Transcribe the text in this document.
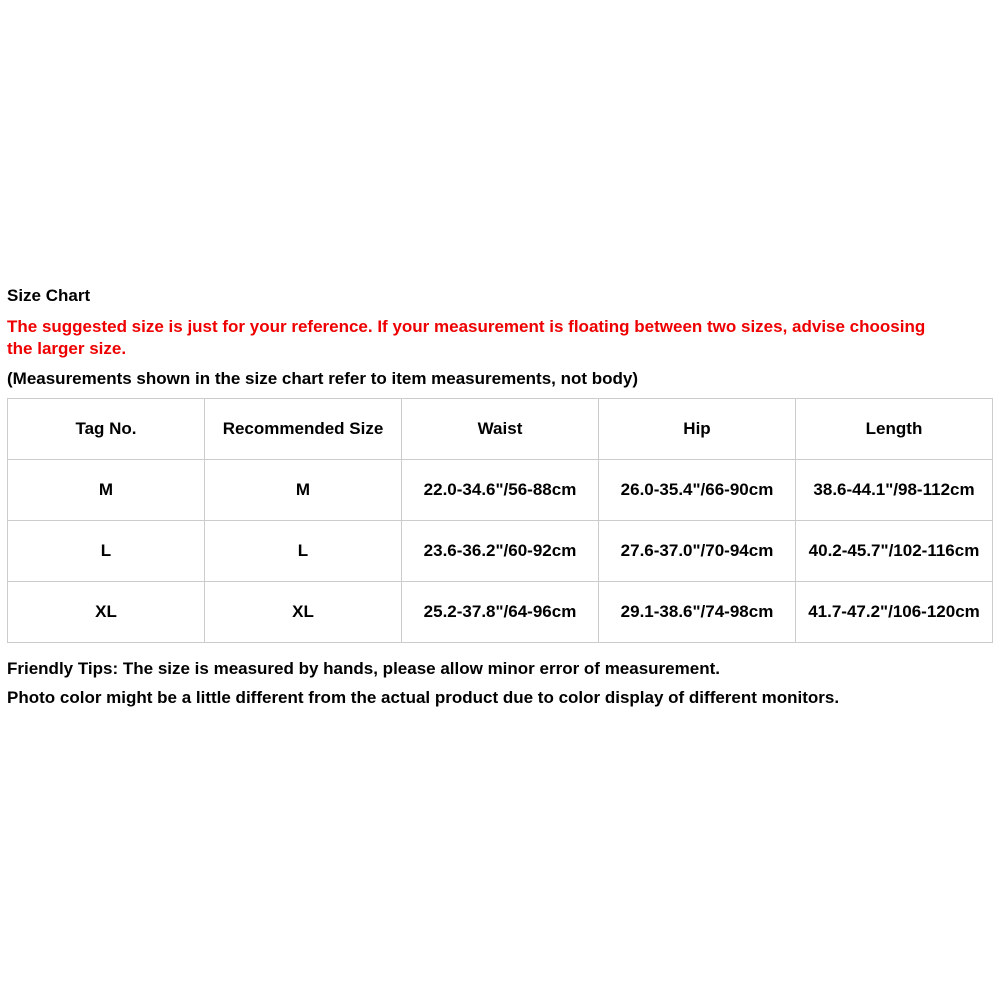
Size Chart

The suggested size is just for your reference. If your measurement is floating between two sizes, advise choosing the larger size.

(Measurements shown in the size chart refer to item measurements, not body)

Tag No.	Recommended Size	Waist	Hip	Length
M	M	22.0-34.6"/56-88cm	26.0-35.4"/66-90cm	38.6-44.1"/98-112cm
L	L	23.6-36.2"/60-92cm	27.6-37.0"/70-94cm	40.2-45.7"/102-116cm
XL	XL	25.2-37.8"/64-96cm	29.1-38.6"/74-98cm	41.7-47.2"/106-120cm
Friendly Tips: The size is measured by hands, please allow minor error of measurement.
Photo color might be a little different from the actual product due to color display of different monitors.
